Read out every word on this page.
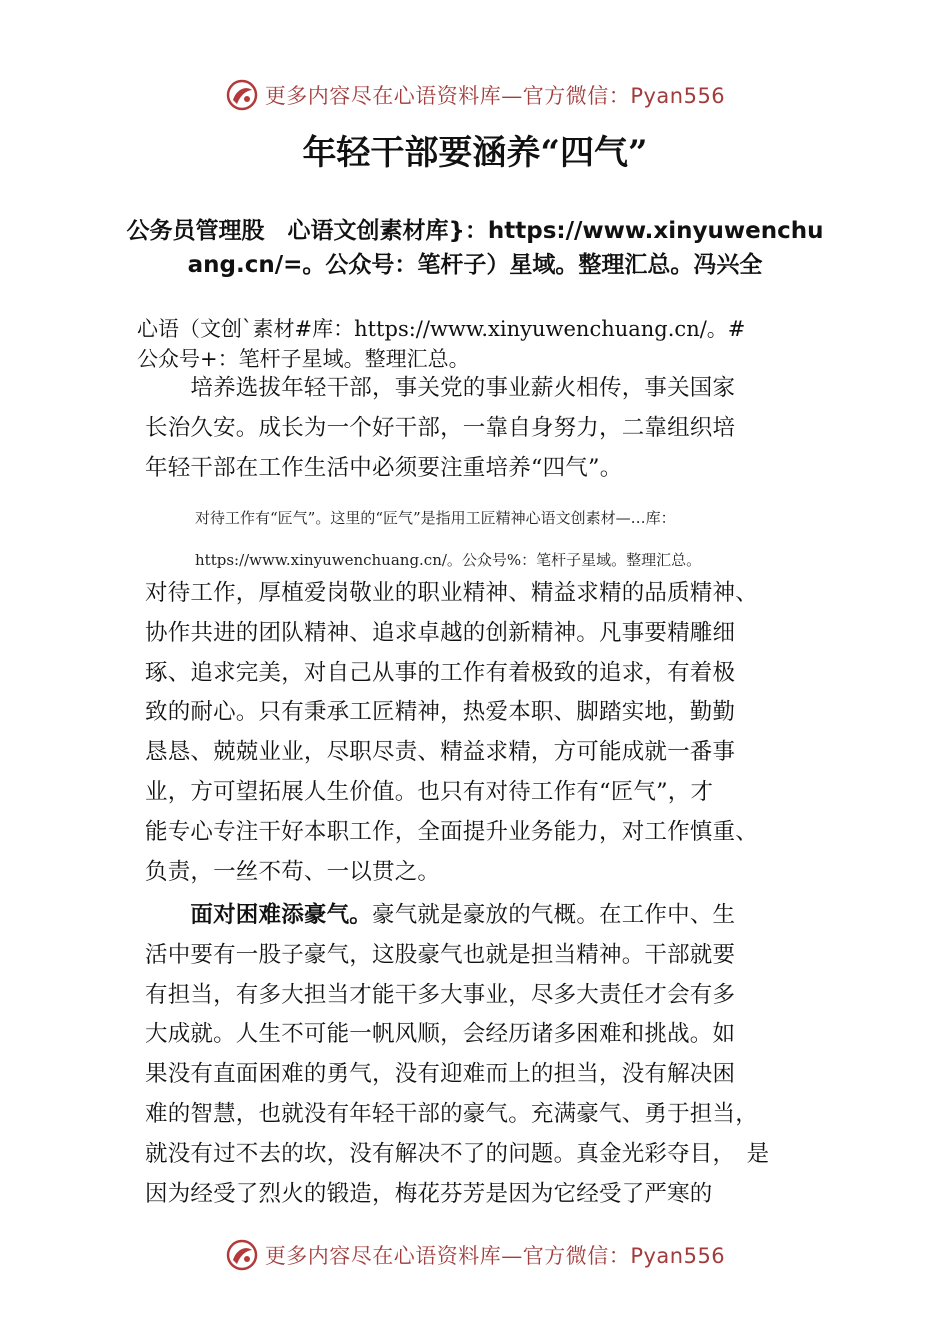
更多内容尽在心语资料库—官方微信：Pyan556
年轻干部要涵养“四气”
公务员管理股　心语文创素材库}：https://www.xinyuwenchuang.cn/=。公众号：笔杆子）星域。整理汇总。冯兴全
心语（文创`素材#库：https://www.xinyuwenchuang.cn/。#
公众号+：笔杆子星域。整理汇总。
　　培养选拔年轻干部，事关党的事业薪火相传，事关国家
长治久安。成长为一个好干部，一靠自身努力，二靠组织培
年轻干部在工作生活中必须要注重培养“四气”。
对待工作有“匠气”。这里的“匠气”是指用工匠精神心语文创素材—…库：
https://www.xinyuwenchuang.cn/。公众号%：笔杆子星域。整理汇总。
对待工作，厚植爱岗敬业的职业精神、精益求精的品质精神、
协作共进的团队精神、追求卓越的创新精神。凡事要精雕细
琢、追求完美，对自己从事的工作有着极致的追求，有着极
致的耐心。只有秉承工匠精神，热爱本职、脚踏实地，勤勤
恳恳、兢兢业业，尽职尽责、精益求精，方可能成就一番事
业，方可望拓展人生价值。也只有对待工作有“匠气”，才
能专心专注干好本职工作，全面提升业务能力，对工作慎重、
负责，一丝不苟、一以贯之。
　　面对困难添豪气。豪气就是豪放的气概。在工作中、生
活中要有一股子豪气，这股豪气也就是担当精神。干部就要
有担当，有多大担当才能干多大事业，尽多大责任才会有多
大成就。人生不可能一帆风顺，会经历诸多困难和挑战。如
果没有直面困难的勇气，没有迎难而上的担当，没有解决困
难的智慧，也就没有年轻干部的豪气。充满豪气、勇于担当，
就没有过不去的坎，没有解决不了的问题。真金光彩夺目，　是
因为经受了烈火的锻造，梅花芬芳是因为它经受了严寒的
更多内容尽在心语资料库—官方微信：Pyan556
